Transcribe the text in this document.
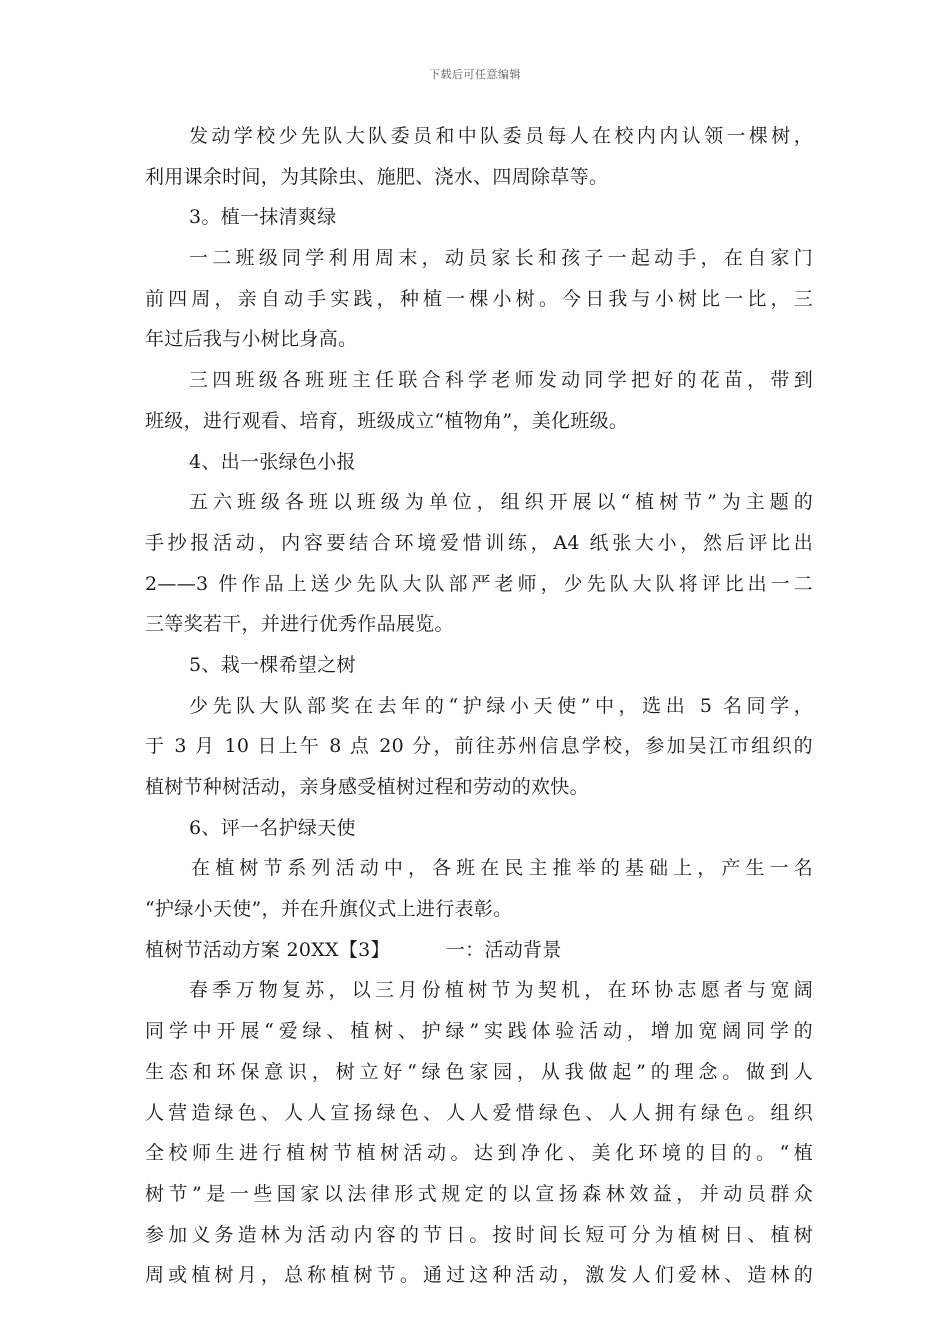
下载后可任意编辑
发动学校少先队大队委员和中队委员每人在校内内认领一棵树，
利用课余时间，为其除虫、施肥、浇水、四周除草等。
3。植一抹清爽绿
一二班级同学利用周末，动员家长和孩子一起动手，在自家门
前四周，亲自动手实践，种植一棵小树。今日我与小树比一比，三
年过后我与小树比身高。
三四班级各班班主任联合科学老师发动同学把好的花苗，带到
班级，进行观看、培育，班级成立“植物角”，美化班级。
4、出一张绿色小报
五六班级各班以班级为单位，组织开展以“植树节”为主题的
手抄报活动，内容要结合环境爱惜训练，A4 纸张大小，然后评比出
2——3 件作品上送少先队大队部严老师，少先队大队将评比出一二
三等奖若干，并进行优秀作品展览。
5、栽一棵希望之树
少先队大队部奖在去年的“护绿小天使”中，选出 5 名同学，
于 3 月 10 日上午 8 点 20 分，前往苏州信息学校，参加吴江市组织的
植树节种树活动，亲身感受植树过程和劳动的欢快。
6、评一名护绿天使
在植树节系列活动中，各班在民主推举的基础上，产生一名
“护绿小天使”，并在升旗仪式上进行表彰。
植树节活动方案 20XX【3】	一：活动背景
春季万物复苏，以三月份植树节为契机，在环协志愿者与宽阔
同学中开展“爱绿、植树、护绿”实践体验活动，增加宽阔同学的
生态和环保意识，树立好“绿色家园，从我做起”的理念。做到人
人营造绿色、人人宣扬绿色、人人爱惜绿色、人人拥有绿色。组织
全校师生进行植树节植树活动。达到净化、美化环境的目的。“植
树节”是一些国家以法律形式规定的以宣扬森林效益，并动员群众
参加义务造林为活动内容的节日。按时间长短可分为植树日、植树
周或植树月，总称植树节。通过这种活动，激发人们爱林、造林的
